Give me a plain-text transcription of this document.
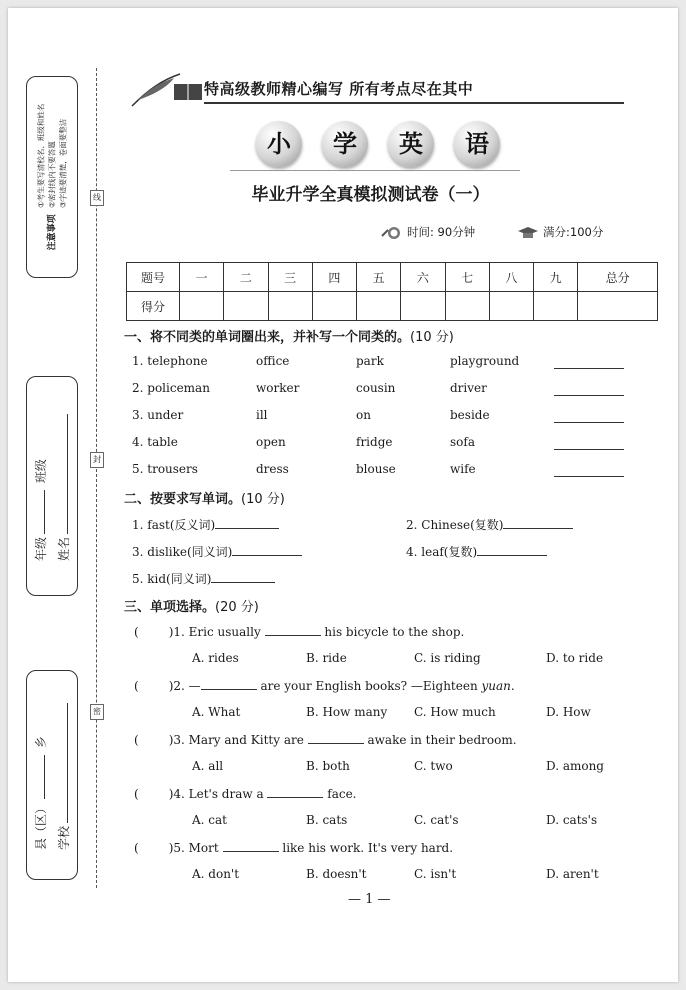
注意事项
①考生要写清校名、班级和姓名 ②密封线内不要答题 ③字迹要清楚，卷面要整洁
年级 班级
姓名
县（区） 乡
学校
线
封
密
特高级教师精心编写 所有考点尽在其中
小	学	英	语
毕业升学全真模拟测试卷（一）
时间: 90分钟	满分:100分
题号	一	二	三	四	五	六	七	八	九	总分
得分										
一、将不同类的单词圈出来，并补写一个同类的。(10 分)
1. telephone	office	park	playground
2. policeman	worker	cousin	driver
3. under	ill	on	beside
4. table	open	fridge	sofa
5. trousers	dress	blouse	wife
二、按要求写单词。(10 分)
1. fast(反义词)	2. Chinese(复数)
3. dislike(同义词)	4. leaf(复数)
5. kid(同义词)
三、单项选择。(20 分)
(	)1. Eric usually	his bicycle to the shop.
A. rides	B. ride	C. is riding	D. to ride
(	)2. —	are your English books? —Eighteen yuan.
A. What	B. How many C. How much	D. How
(	)3. Mary and Kitty are	awake in their bedroom.
A. all	B. both	C. two	D. among
(	)4. Let's draw a	face.
A. cat	B. cats	C. cat's	D. cats's
(	)5. Mort	like his work. It's very hard.
A. don't	B. doesn't	C. isn't	D. aren't
— 1 —
